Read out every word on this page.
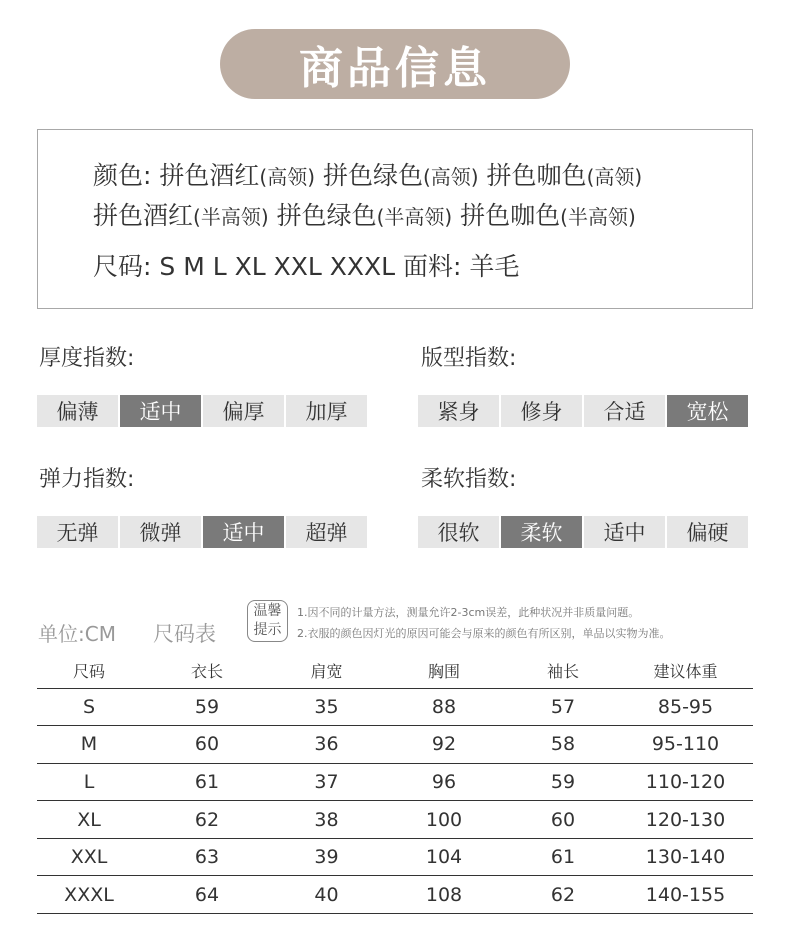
商品信息
颜色: 拼色酒红(高领) 拼色绿色(高领) 拼色咖色(高领)
拼色酒红(半高领) 拼色绿色(半高领) 拼色咖色(半高领)
尺码: S M L XL XXL XXXL 面料: 羊毛
厚度指数:
偏薄	适中	偏厚	加厚
版型指数:
紧身	修身	合适	宽松
弹力指数:
无弹	微弹	适中	超弹
柔软指数:
很软	柔软	适中	偏硬
单位:CM 尺码表
温馨
提示
1.因不同的计量方法，测量允许2-3cm误差，此种状况并非质量问题。
2.衣服的颜色因灯光的原因可能会与原来的颜色有所区别，单品以实物为准。
尺码	衣长	肩宽	胸围	袖长	建议体重
S	59	35	88	57	85-95
M	60	36	92	58	95-110
L	61	37	96	59	110-120
XL	62	38	100	60	120-130
XXL	63	39	104	61	130-140
XXXL	64	40	108	62	140-155
